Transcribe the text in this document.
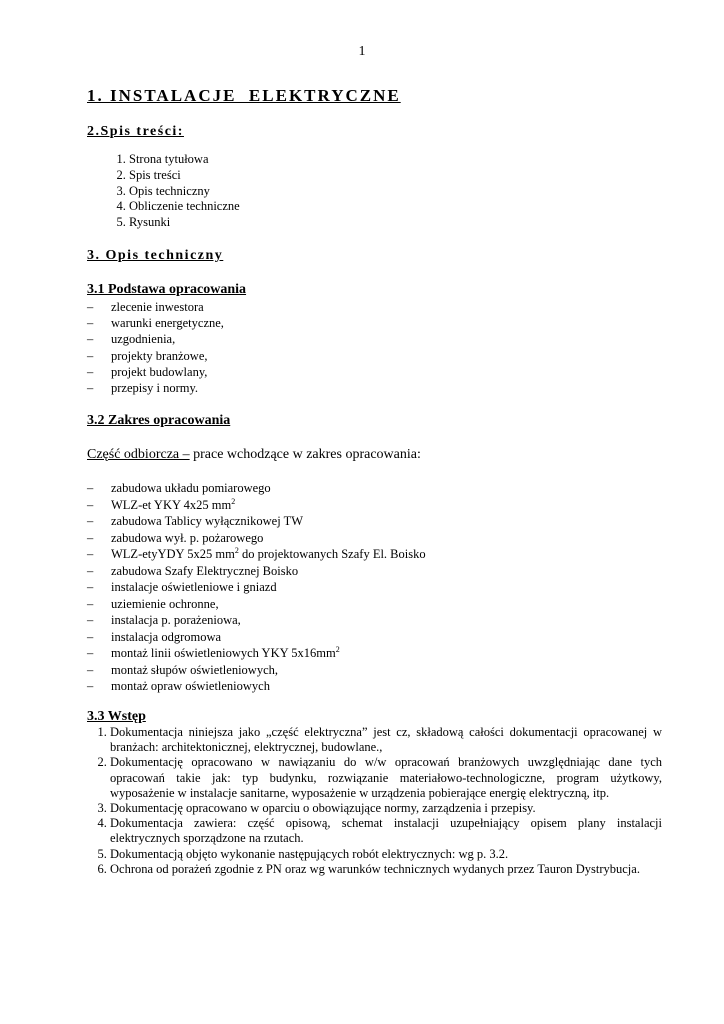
1
1. INSTALACJE  ELEKTRYCZNE
2.Spis treści:
1. Strona tytułowa
2. Spis treści
3. Opis techniczny
4. Obliczenie techniczne
5. Rysunki
3. Opis techniczny
3.1 Podstawa opracowania
– zlecenie inwestora
– warunki energetyczne,
– uzgodnienia,
– projekty branżowe,
– projekt budowlany,
– przepisy i normy.
3.2 Zakres opracowania
Część odbiorcza – prace wchodzące w zakres opracowania:
– zabudowa układu pomiarowego
– WLZ-et YKY 4x25 $mm^2$
– zabudowa Tablicy wyłącznikowej TW
– zabudowa wył. p. pożarowego
– WLZ-etyYDY 5x25 $mm^2$ do projektowanych Szafy El. Boisko
– zabudowa Szafy Elektrycznej Boisko
– instalacje oświetleniowe i gniazd
– uziemienie ochronne,
– instalacja p. porażeniowa,
– instalacja odgromowa
– montaż linii oświetleniowych YKY $5x16mm^2$
– montaż słupów oświetleniowych,
– montaż opraw oświetleniowych
3.3 Wstęp
1. Dokumentacja niniejsza jako „część elektryczna” jest cz, składową całości dokumentacji opracowanej w branżach: architektonicznej, elektrycznej, budowlane.,
2. Dokumentację opracowano w nawiązaniu do w/w opracowań branżowych uwzględniając dane tych opracowań takie jak: typ budynku, rozwiązanie materiałowo-technologiczne, program użytkowy, wyposażenie w instalacje sanitarne, wyposażenie w urządzenia pobierające energię elektryczną, itp.
3. Dokumentację opracowano w oparciu o obowiązujące normy, zarządzenia i przepisy.
4. Dokumentacja zawiera: część opisową, schemat instalacji uzupełniający opisem plany instalacji elektrycznych sporządzone na rzutach.
5. Dokumentacją objęto wykonanie następujących robót elektrycznych: wg p. 3.2.
6. Ochrona od porażeń zgodnie z PN oraz wg warunków technicznych wydanych przez Tauron Dystrybucja.
